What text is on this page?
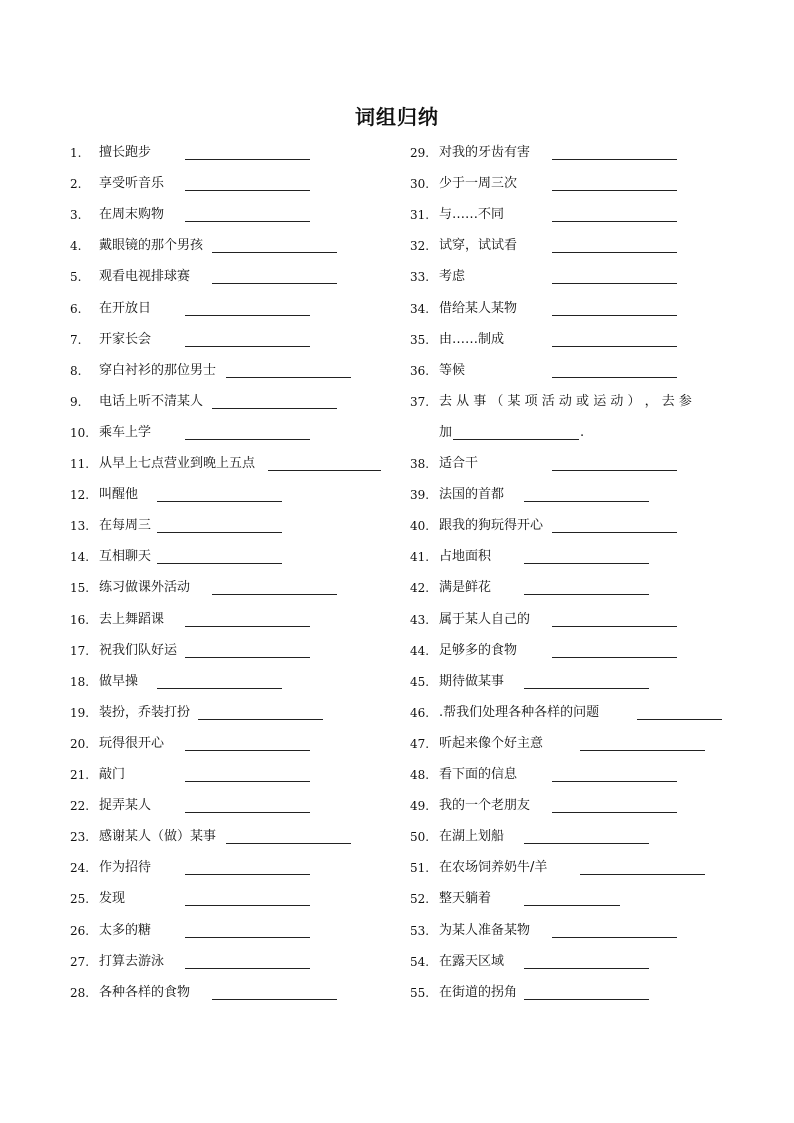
词组归纳
1. 擅长跑步
2. 享受听音乐
3. 在周末购物
4. 戴眼镜的那个男孩
5. 观看电视排球赛
6. 在开放日
7. 开家长会
8. 穿白衬衫的那位男士
9. 电话上听不清某人
10. 乘车上学
11. 从早上七点营业到晚上五点
12. 叫醒他
13. 在每周三
14. 互相聊天
15. 练习做课外活动
16. 去上舞蹈课
17. 祝我们队好运
18. 做早操
19. 装扮，乔装打扮
20. 玩得很开心
21. 敲门
22. 捉弄某人
23. 感谢某人（做）某事
24. 作为招待
25. 发现
26. 太多的糖
27. 打算去游泳
28. 各种各样的食物
29. 对我的牙齿有害
30. 少于一周三次
31. 与……不同
32. 试穿，试试看
33. 考虑
34. 借给某人某物
35. 由……制成
36. 等候
37. 去 从 事 （ 某 项 活 动 或 运 动 ） ， 去 参
加	.
38. 适合干
39. 法国的首都
40. 跟我的狗玩得开心
41. 占地面积
42. 满是鲜花
43. 属于某人自己的
44. 足够多的食物
45. 期待做某事
46. .帮我们处理各种各样的问题
47. 听起来像个好主意
48. 看下面的信息
49. 我的一个老朋友
50. 在湖上划船
51. 在农场饲养奶牛/羊
52. 整天躺着
53. 为某人准备某物
54. 在露天区域
55. 在街道的拐角
